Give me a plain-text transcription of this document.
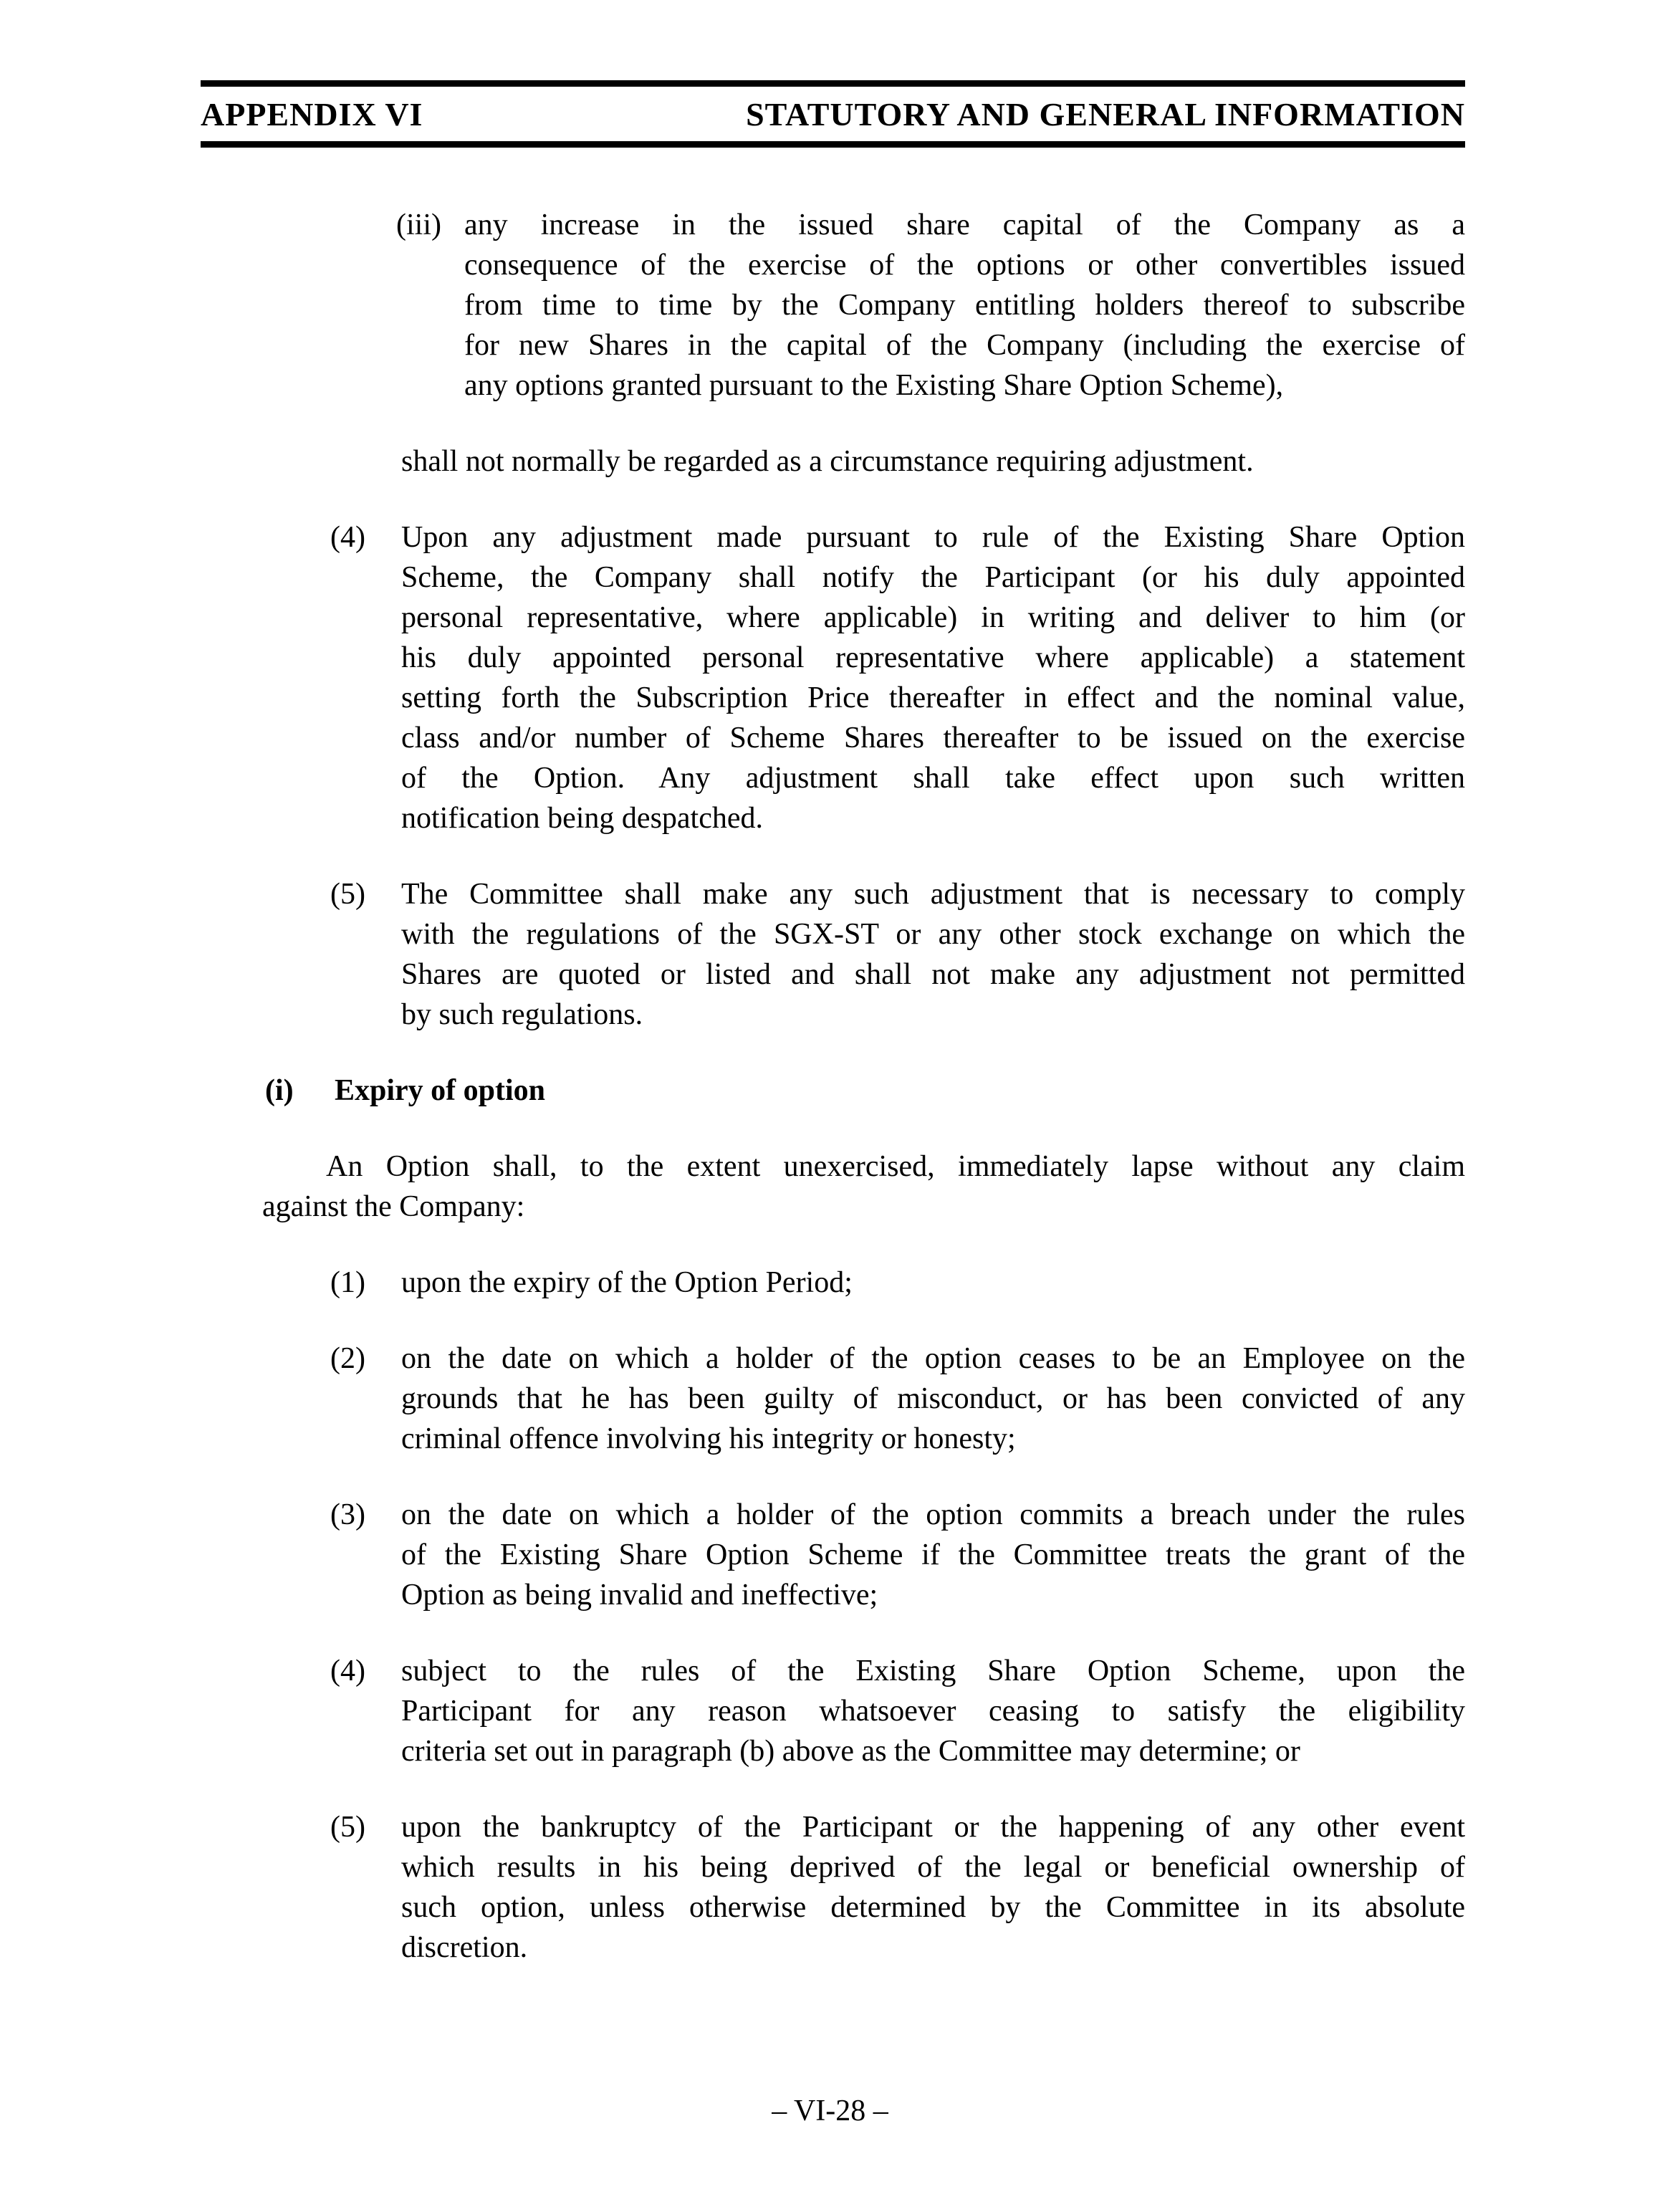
APPENDIX VI	STATUTORY AND GENERAL INFORMATION
(iii) any increase in the issued share capital of the Company as a
consequence of the exercise of the options or other convertibles issued
from time to time by the Company entitling holders thereof to subscribe
for new Shares in the capital of the Company (including the exercise of
any options granted pursuant to the Existing Share Option Scheme),
shall not normally be regarded as a circumstance requiring adjustment.
(4) Upon any adjustment made pursuant to rule of the Existing Share Option
Scheme, the Company shall notify the Participant (or his duly appointed
personal representative, where applicable) in writing and deliver to him (or
his duly appointed personal representative where applicable) a statement
setting forth the Subscription Price thereafter in effect and the nominal value,
class and/or number of Scheme Shares thereafter to be issued on the exercise
of the Option. Any adjustment shall take effect upon such written
notification being despatched.
(5) The Committee shall make any such adjustment that is necessary to comply
with the regulations of the SGX-ST or any other stock exchange on which the
Shares are quoted or listed and shall not make any adjustment not permitted
by such regulations.
(i) Expiry of option
An Option shall, to the extent unexercised, immediately lapse without any claim
against the Company:
(1) upon the expiry of the Option Period;
(2) on the date on which a holder of the option ceases to be an Employee on the
grounds that he has been guilty of misconduct, or has been convicted of any
criminal offence involving his integrity or honesty;
(3) on the date on which a holder of the option commits a breach under the rules
of the Existing Share Option Scheme if the Committee treats the grant of the
Option as being invalid and ineffective;
(4) subject to the rules of the Existing Share Option Scheme, upon the
Participant for any reason whatsoever ceasing to satisfy the eligibility
criteria set out in paragraph (b) above as the Committee may determine; or
(5) upon the bankruptcy of the Participant or the happening of any other event
which results in his being deprived of the legal or beneficial ownership of
such option, unless otherwise determined by the Committee in its absolute
discretion.
– VI-28 –
